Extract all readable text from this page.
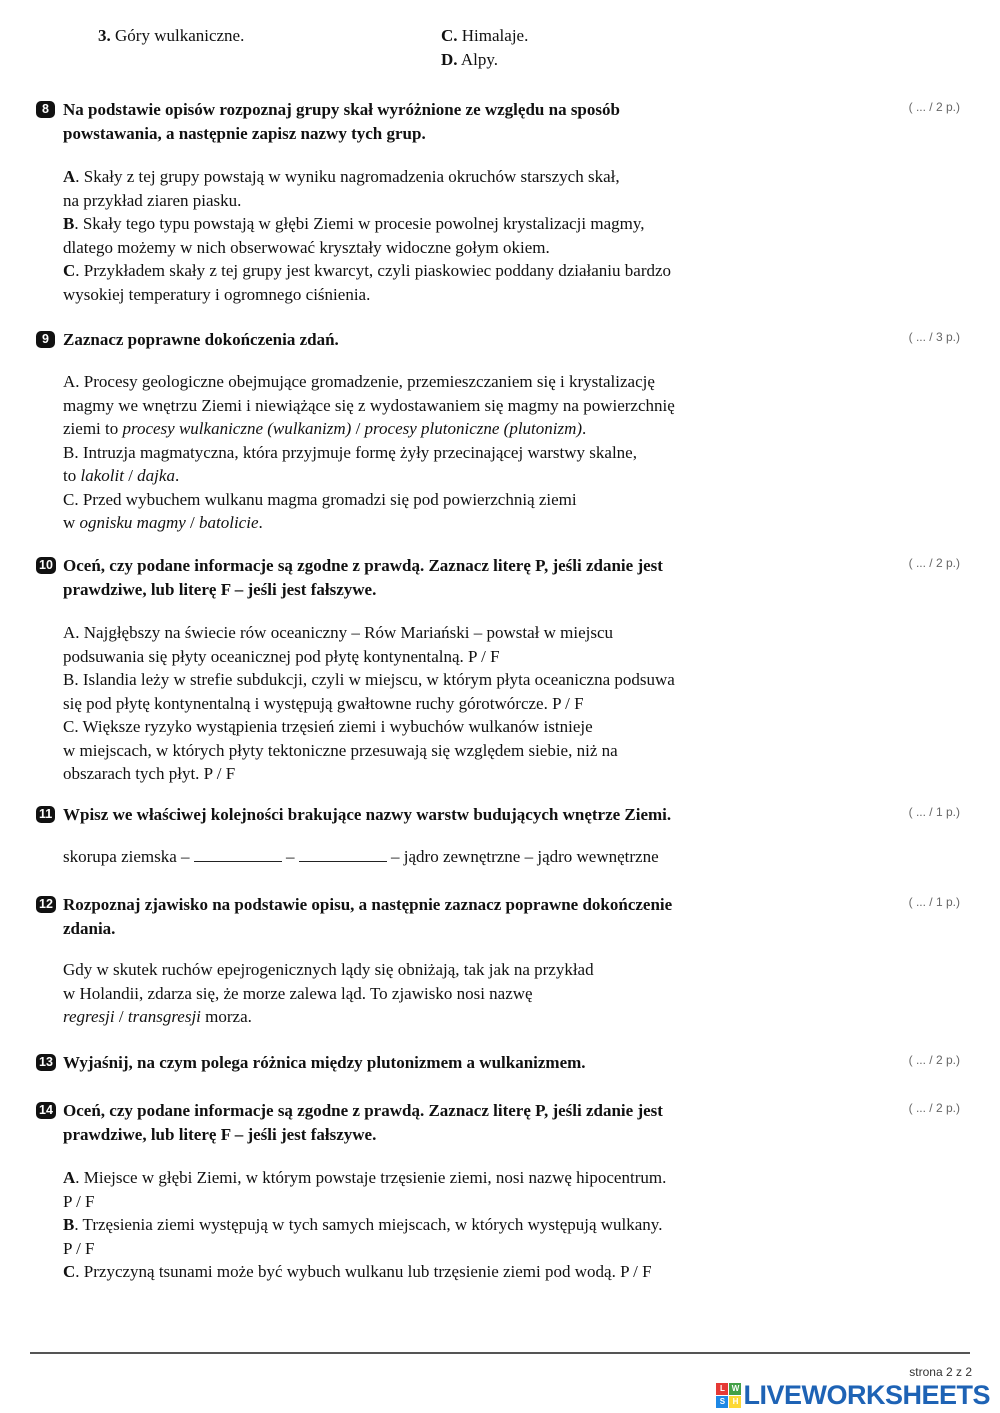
3. Góry wulkaniczne.	C. Himalaje.
D. Alpy.
8 Na podstawie opisów rozpoznaj grupy skał wyróżnione ze względu na sposób
powstawania, a następnie zapisz nazwy tych grup.
( ... / 2 p.)
A. Skały z tej grupy powstają w wyniku nagromadzenia okruchów starszych skał,
na przykład ziaren piasku.
B. Skały tego typu powstają w głębi Ziemi w procesie powolnej krystalizacji magmy,
dlatego możemy w nich obserwować kryształy widoczne gołym okiem.
C. Przykładem skały z tej grupy jest kwarcyt, czyli piaskowiec poddany działaniu bardzo
wysokiej temperatury i ogromnego ciśnienia.
9 Zaznacz poprawne dokończenia zdań.	( ... / 3 p.)
A. Procesy geologiczne obejmujące gromadzenie, przemieszczaniem się i krystalizację
magmy we wnętrzu Ziemi i niewiążące się z wydostawaniem się magmy na powierzchnię
ziemi to procesy wulkaniczne (wulkanizm) / procesy plutoniczne (plutonizm).
B. Intruzja magmatyczna, która przyjmuje formę żyły przecinającej warstwy skalne,
to lakolit / dajka.
C. Przed wybuchem wulkanu magma gromadzi się pod powierzchnią ziemi
w ognisku magmy / batolicie.
10 Oceń, czy podane informacje są zgodne z prawdą. Zaznacz literę P, jeśli zdanie jest
prawdziwe, lub literę F – jeśli jest fałszywe.
( ... / 2 p.)
A. Najgłębszy na świecie rów oceaniczny – Rów Mariański – powstał w miejscu
podsuwania się płyty oceanicznej pod płytę kontynentalną. P / F
B. Islandia leży w strefie subdukcji, czyli w miejscu, w którym płyta oceaniczna podsuwa
się pod płytę kontynentalną i występują gwałtowne ruchy górotwórcze. P / F
C. Większe ryzyko wystąpienia trzęsień ziemi i wybuchów wulkanów istnieje
w miejscach, w których płyty tektoniczne przesuwają się względem siebie, niż na
obszarach tych płyt. P / F
11 Wpisz we właściwej kolejności brakujące nazwy warstw budujących wnętrze Ziemi.	( ... / 1 p.)
skorupa ziemska –	–	– jądro zewnętrzne – jądro wewnętrzne
12 Rozpoznaj zjawisko na podstawie opisu, a następnie zaznacz poprawne dokończenie
zdania.
( ... / 1 p.)
Gdy w skutek ruchów epejrogenicznych lądy się obniżają, tak jak na przykład
w Holandii, zdarza się, że morze zalewa ląd. To zjawisko nosi nazwę
regresji / transgresji morza.
13 Wyjaśnij, na czym polega różnica między plutonizmem a wulkanizmem.	( ... / 2 p.)
14 Oceń, czy podane informacje są zgodne z prawdą. Zaznacz literę P, jeśli zdanie jest
prawdziwe, lub literę F – jeśli jest fałszywe.
( ... / 2 p.)
A. Miejsce w głębi Ziemi, w którym powstaje trzęsienie ziemi, nosi nazwę hipocentrum.
P / F
B. Trzęsienia ziemi występują w tych samych miejscach, w których występują wulkany.
P / F
C. Przyczyną tsunami może być wybuch wulkanu lub trzęsienie ziemi pod wodą. P / F
strona 2 z 2
L W
S H LIVEWORKSHEETS
